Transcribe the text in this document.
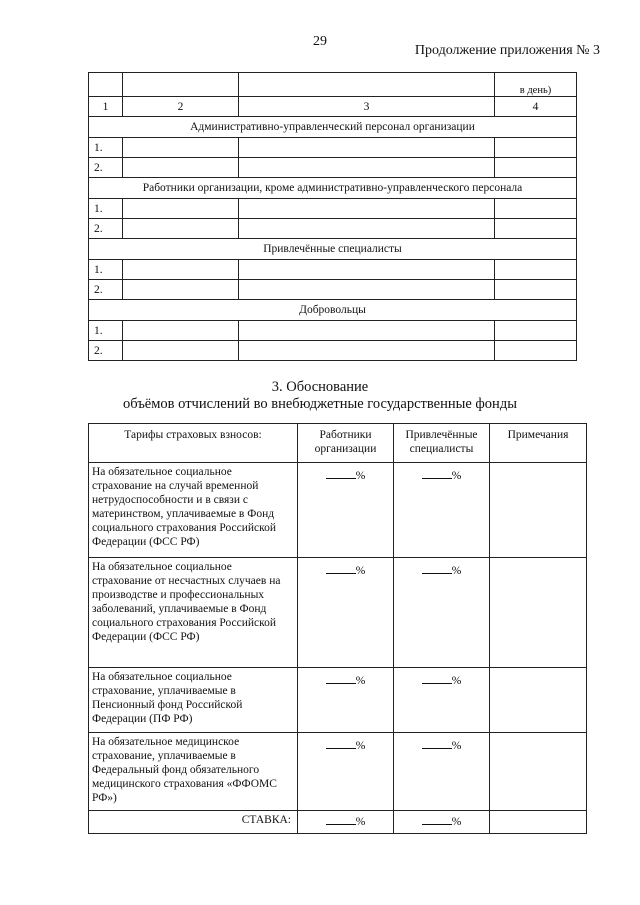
29
Продолжение приложения № 3
			в день)
1	2	3	4
Административно-управленческий персонал организации			
1.			
2.			
Работники организации, кроме административно-управленческого персонала			
1.			
2.			
Привлечённые специалисты			
1.			
2.			
Добровольцы			
1.			
2.			
3. Обоснование
объёмов отчислений во внебюджетные государственные фонды
Тарифы страховых взносов:	Работники организации	Привлечённые специалисты	Примечания
На обязательное социальное страхование на случай временной нетрудоспособности и в связи с материнством, уплачиваемые в Фонд социального страхования Российской Федерации (ФСС РФ)	%	%	
На обязательное социальное страхование от несчастных случаев на производстве и профессиональных заболеваний, уплачиваемые в Фонд социального страхования Российской Федерации (ФСС РФ)	%	%	
На обязательное социальное страхование, уплачиваемые в Пенсионный фонд Российской Федерации (ПФ РФ)	%	%	
На обязательное медицинское страхование, уплачиваемые в Федеральный фонд обязательного медицинского страхования «ФФОМС РФ»)	%	%	
СТАВКА:	%	%	
